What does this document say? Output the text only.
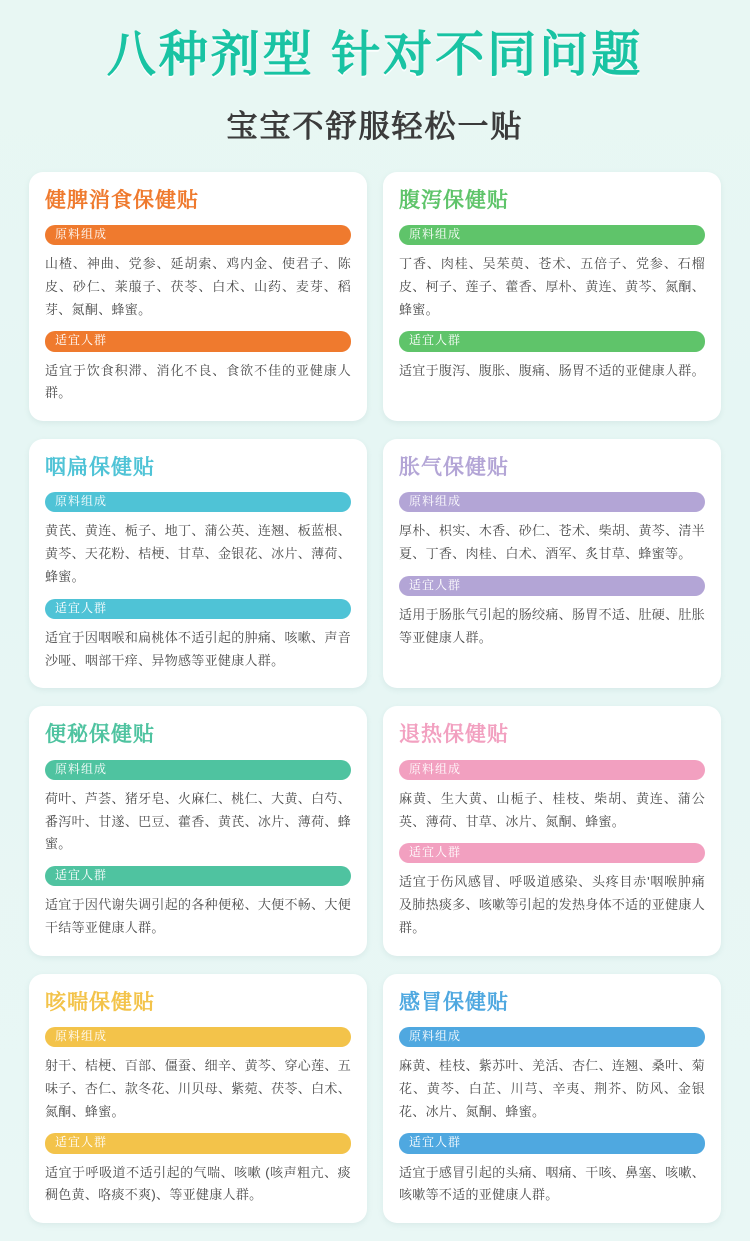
八种剂型 针对不同问题
宝宝不舒服轻松一贴
健脾消食保健贴
原料组成

山楂、神曲、党参、延胡索、鸡内金、使君子、陈皮、砂仁、莱菔子、茯苓、白术、山药、麦芽、稻芽、氮酮、蜂蜜。

适宜人群

适宜于饮食积滞、消化不良、食欲不佳的亚健康人群。

腹泻保健贴
原料组成

丁香、肉桂、吴茱萸、苍术、五倍子、党参、石榴皮、柯子、莲子、藿香、厚朴、黄连、黄芩、氮酮、蜂蜜。

适宜人群

适宜于腹泻、腹胀、腹痛、肠胃不适的亚健康人群。

咽扁保健贴
原料组成

黄芪、黄连、栀子、地丁、蒲公英、连翘、板蓝根、黄芩、天花粉、桔梗、甘草、金银花、冰片、薄荷、蜂蜜。

适宜人群

适宜于因咽喉和扁桃体不适引起的肿痛、咳嗽、声音沙哑、咽部干痒、异物感等亚健康人群。

胀气保健贴
原料组成

厚朴、枳实、木香、砂仁、苍术、柴胡、黄芩、清半夏、丁香、肉桂、白术、酒军、炙甘草、蜂蜜等。

适宜人群

适用于肠胀气引起的肠绞痛、肠胃不适、肚硬、肚胀等亚健康人群。

便秘保健贴
原料组成

荷叶、芦荟、猪牙皂、火麻仁、桃仁、大黄、白芍、番泻叶、甘遂、巴豆、藿香、黄芪、冰片、薄荷、蜂蜜。

适宜人群

适宜于因代谢失调引起的各种便秘、大便不畅、大便干结等亚健康人群。

退热保健贴
原料组成

麻黄、生大黄、山栀子、桂枝、柴胡、黄连、蒲公英、薄荷、甘草、冰片、氮酮、蜂蜜。

适宜人群

适宜于伤风感冒、呼吸道感染、头疼目赤'咽喉肿痛及肺热痰多、咳嗽等引起的发热身体不适的亚健康人群。

咳喘保健贴
原料组成

射干、桔梗、百部、僵蚕、细辛、黄芩、穿心莲、五味子、杏仁、款冬花、川贝母、紫菀、茯苓、白术、氮酮、蜂蜜。

适宜人群

适宜于呼吸道不适引起的气喘、咳嗽 (咳声粗亢、痰稠色黄、咯痰不爽)、等亚健康人群。

感冒保健贴
原料组成

麻黄、桂枝、紫苏叶、羌活、杏仁、连翘、桑叶、菊花、黄芩、白芷、川芎、辛夷、荆芥、防风、金银花、冰片、氮酮、蜂蜜。

适宜人群

适宜于感冒引起的头痛、咽痛、干咳、鼻塞、咳嗽、咳嗽等不适的亚健康人群。
